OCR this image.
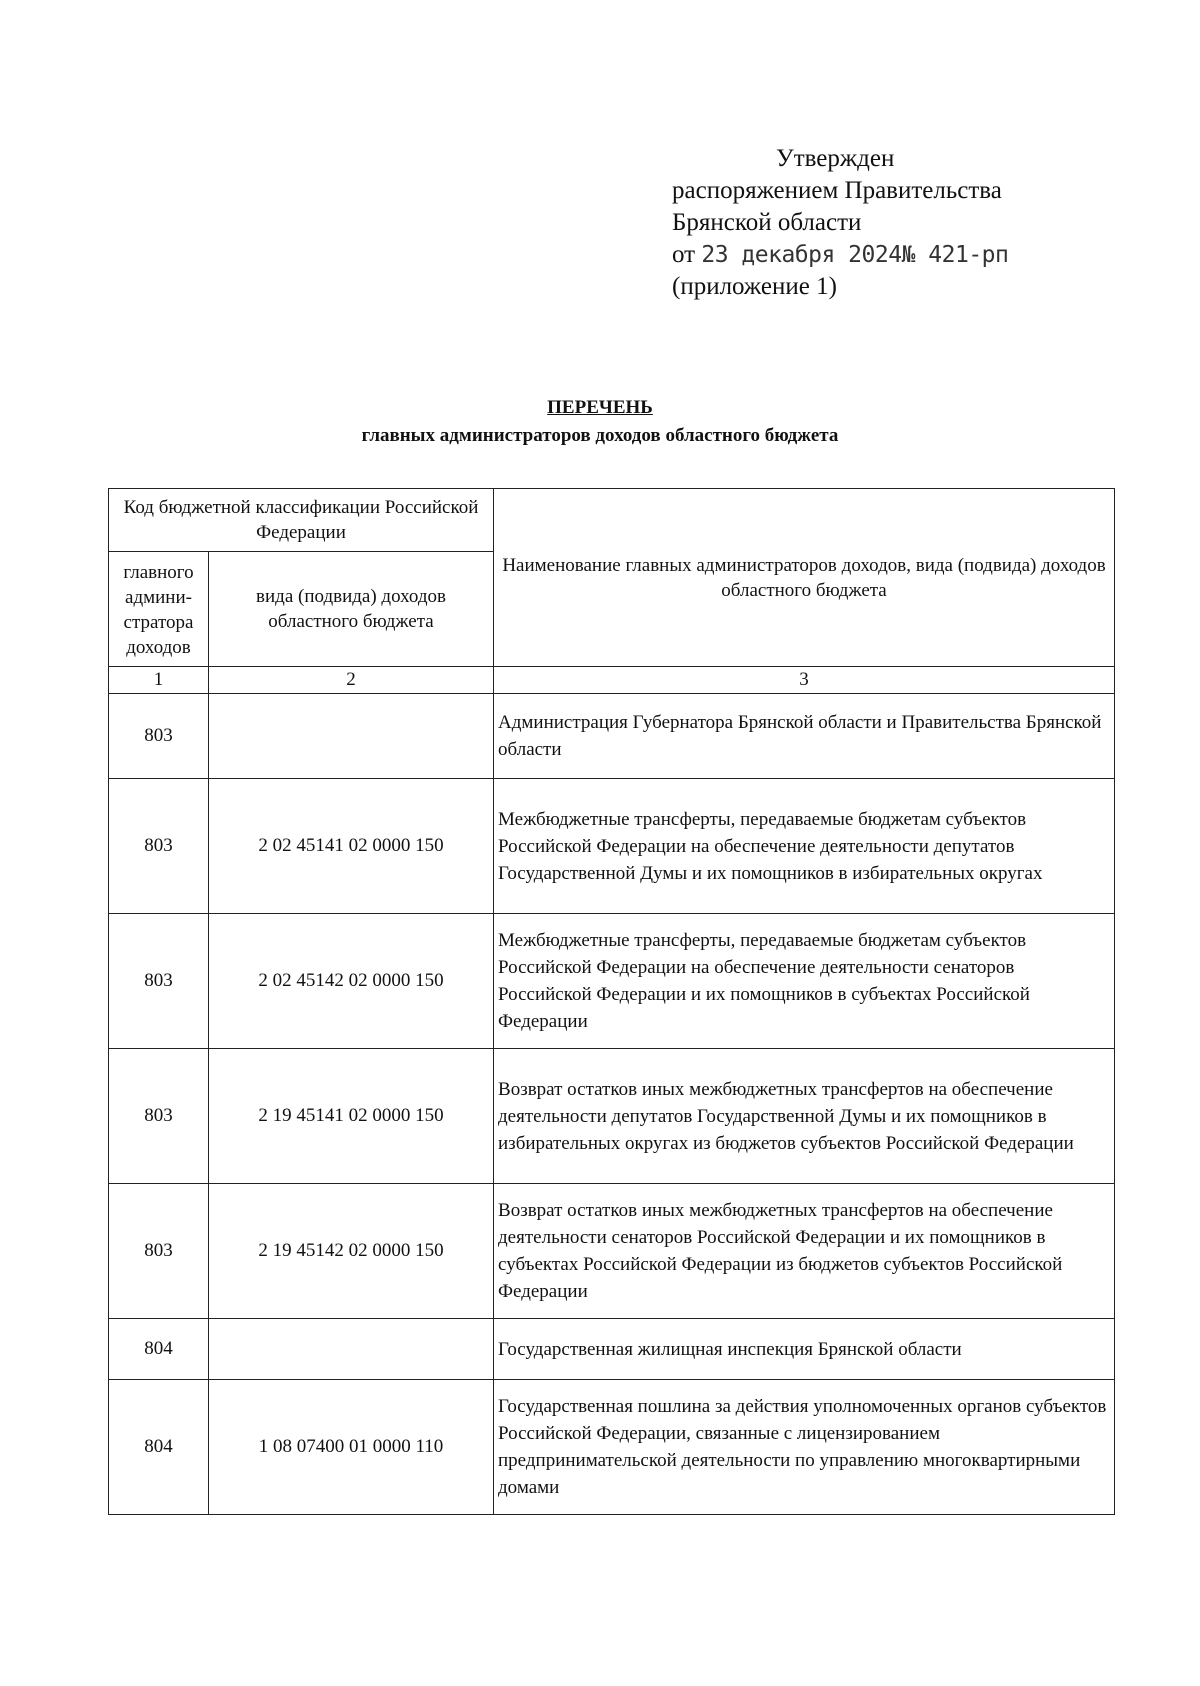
Утвержден
распоряжением Правительства
Брянской области
от 23 декабря 2024№ 421-рп
(приложение 1)
ПЕРЕЧЕНЬ
главных администраторов доходов областного бюджета
Код бюджетной классификации Российской Федерации		Наименование главных администраторов доходов, вида (подвида) доходов областного бюджета

главного админи-стратора доходов	вида (подвида) доходов областного бюджета	
1	2	3
803		Администрация Губернатора Брянской области и Правительства Брянской области
803	2 02 45141 02 0000 150	Межбюджетные трансферты, передаваемые бюджетам субъектов Российской Федерации на обеспечение деятельности депутатов Государственной Думы и их помощников в избирательных округах
803	2 02 45142 02 0000 150	Межбюджетные трансферты, передаваемые бюджетам субъектов Российской Федерации на обеспечение деятельности сенаторов Российской Федерации и их помощников в субъектах Российской Федерации
803	2 19 45141 02 0000 150	Возврат остатков иных межбюджетных трансфертов на обеспечение деятельности депутатов Государственной Думы и их помощников в избирательных округах из бюджетов субъектов Российской Федерации
803	2 19 45142 02 0000 150	Возврат остатков иных межбюджетных трансфертов на обеспечение деятельности сенаторов Российской Федерации и их помощников в субъектах Российской Федерации из бюджетов субъектов Российской Федерации
804		Государственная жилищная инспекция Брянской области
804	1 08 07400 01 0000 110	Государственная пошлина за действия уполномоченных органов субъектов Российской Федерации, связанные с лицензированием предпринимательской деятельности по управлению многоквартирными домами
